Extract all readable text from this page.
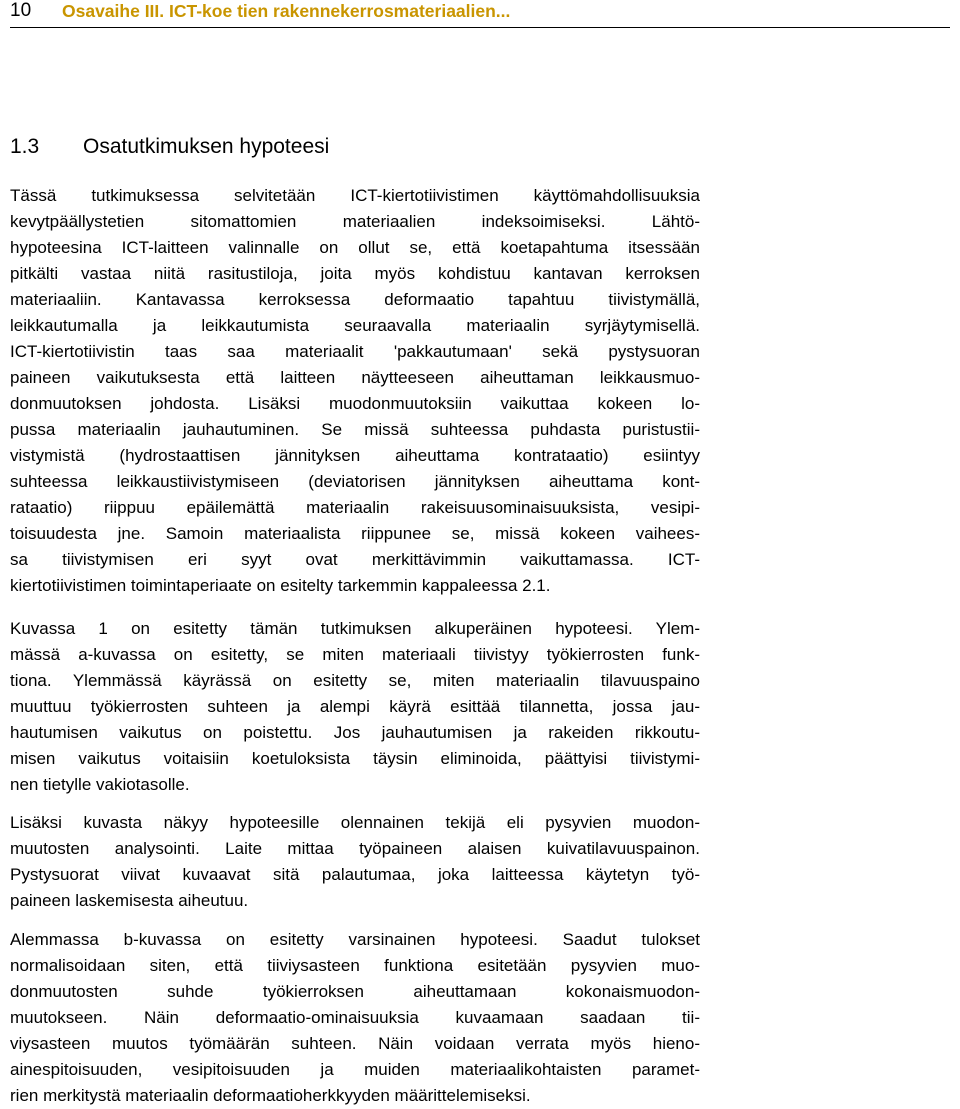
10 Osavaihe III. ICT-koe tien rakennekerrosmateriaalien...
1.3 Osatutkimuksen hypoteesi

Tässä tutkimuksessa selvitetään ICT-kiertotiivistimen käyttömahdollisuuksia
kevytpäällystetien sitomattomien materiaalien indeksoimiseksi. Lähtö-
hypoteesina ICT-laitteen valinnalle on ollut se, että koetapahtuma itsessään
pitkälti vastaa niitä rasitustiloja, joita myös kohdistuu kantavan kerroksen
materiaaliin. Kantavassa kerroksessa deformaatio tapahtuu tiivistymällä,
leikkautumalla ja leikkautumista seuraavalla materiaalin syrjäytymisellä.
ICT-kiertotiivistin taas saa materiaalit 'pakkautumaan' sekä pystysuoran
paineen vaikutuksesta että laitteen näytteeseen aiheuttaman leikkausmuo-
donmuutoksen johdosta. Lisäksi muodonmuutoksiin vaikuttaa kokeen lo-
pussa materiaalin jauhautuminen. Se missä suhteessa puhdasta puristustii-
vistymistä (hydrostaattisen jännityksen aiheuttama kontrataatio) esiintyy
suhteessa leikkaustiivistymiseen (deviatorisen jännityksen aiheuttama kont-
rataatio) riippuu epäilemättä materiaalin rakeisuusominaisuuksista, vesipi-
toisuudesta jne. Samoin materiaalista riippunee se, missä kokeen vaihees-
sa tiivistymisen eri syyt ovat merkittävimmin vaikuttamassa. ICT-
kiertotiivistimen toimintaperiaate on esitelty tarkemmin kappaleessa 2.1.

Kuvassa 1 on esitetty tämän tutkimuksen alkuperäinen hypoteesi. Ylem-
mässä a-kuvassa on esitetty, se miten materiaali tiivistyy työkierrosten funk-
tiona. Ylemmässä käyrässä on esitetty se, miten materiaalin tilavuuspaino
muuttuu työkierrosten suhteen ja alempi käyrä esittää tilannetta, jossa jau-
hautumisen vaikutus on poistettu. Jos jauhautumisen ja rakeiden rikkoutu-
misen vaikutus voitaisiin koetuloksista täysin eliminoida, päättyisi tiivistymi-
nen tietylle vakiotasolle.

Lisäksi kuvasta näkyy hypoteesille olennainen tekijä eli pysyvien muodon-
muutosten analysointi. Laite mittaa työpaineen alaisen kuivatilavuuspainon.
Pystysuorat viivat kuvaavat sitä palautumaa, joka laitteessa käytetyn työ-
paineen laskemisesta aiheutuu.

Alemmassa b-kuvassa on esitetty varsinainen hypoteesi. Saadut tulokset
normalisoidaan siten, että tiiviysasteen funktiona esitetään pysyvien muo-
donmuutosten suhde työkierroksen aiheuttamaan kokonaismuodon-
muutokseen. Näin deformaatio-ominaisuuksia kuvaamaan saadaan tii-
viysasteen muutos työmäärän suhteen. Näin voidaan verrata myös hieno-
ainespitoisuuden, vesipitoisuuden ja muiden materiaalikohtaisten paramet-
rien merkitystä materiaalin deformaatioherkkyyden määrittelemiseksi.
